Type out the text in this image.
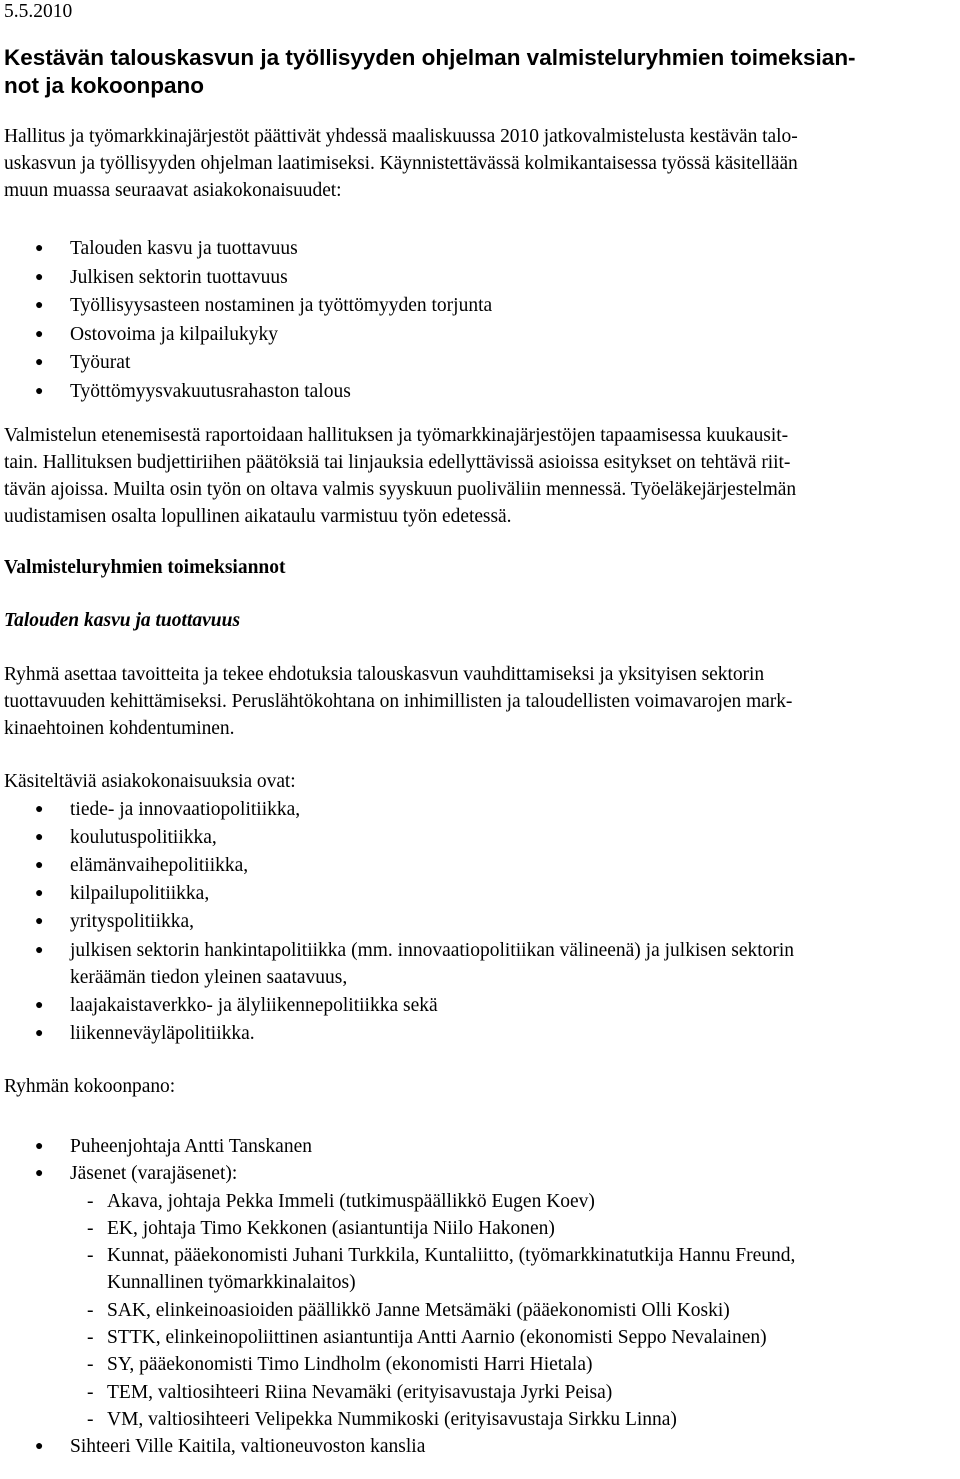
5.5.2010

Kestävän talouskasvun ja työllisyyden ohjelman valmisteluryhmien toimeksian-
not ja kokoonpano

Hallitus ja työmarkkinajärjestöt päättivät yhdessä maaliskuussa 2010 jatkovalmistelusta kestävän talo-
uskasvun ja työllisyyden ohjelman laatimiseksi. Käynnistettävässä kolmikantaisessa työssä käsitellään
muun muassa seuraavat asiakokonaisuudet:

● Talouden kasvu ja tuottavuus
● Julkisen sektorin tuottavuus
● Työllisyysasteen nostaminen ja työttömyyden torjunta
● Ostovoima ja kilpailukyky
● Työurat
● Työttömyysvakuutusrahaston talous

Valmistelun etenemisestä raportoidaan hallituksen ja työmarkkinajärjestöjen tapaamisessa kuukausit-
tain. Hallituksen budjettiriihen päätöksiä tai linjauksia edellyttävissä asioissa esitykset on tehtävä riit-
tävän ajoissa. Muilta osin työn on oltava valmis syyskuun puoliväliin mennessä. Työeläkejärjestelmän
uudistamisen osalta lopullinen aikataulu varmistuu työn edetessä.

Valmisteluryhmien toimeksiannot
Talouden kasvu ja tuottavuus

Ryhmä asettaa tavoitteita ja tekee ehdotuksia talouskasvun vauhdittamiseksi ja yksityisen sektorin
tuottavuuden kehittämiseksi. Peruslähtökohtana on inhimillisten ja taloudellisten voimavarojen mark-
kinaehtoinen kohdentuminen.

Käsiteltäviä asiakokonaisuuksia ovat:

● tiede- ja innovaatiopolitiikka,
● koulutuspolitiikka,
● elämänvaihepolitiikka,
● kilpailupolitiikka,
● yrityspolitiikka,
● julkisen sektorin hankintapolitiikka (mm. innovaatiopolitiikan välineenä) ja julkisen sektorin
keräämän tiedon yleinen saatavuus,
● laajakaistaverkko- ja älyliikennepolitiikka sekä
● liikenneväyläpolitiikka.

Ryhmän kokoonpano:

● Puheenjohtaja Antti Tanskanen
● Jäsenet (varajäsenet):
- Akava, johtaja Pekka Immeli (tutkimuspäällikkö Eugen Koev)
- EK, johtaja Timo Kekkonen (asiantuntija Niilo Hakonen)
- Kunnat, pääekonomisti Juhani Turkkila, Kuntaliitto, (työmarkkinatutkija Hannu Freund,
Kunnallinen työmarkkinalaitos)
- SAK, elinkeinoasioiden päällikkö Janne Metsämäki (pääekonomisti Olli Koski)
- STTK, elinkeinopoliittinen asiantuntija Antti Aarnio (ekonomisti Seppo Nevalainen)
- SY, pääekonomisti Timo Lindholm (ekonomisti Harri Hietala)
- TEM, valtiosihteeri Riina Nevamäki (erityisavustaja Jyrki Peisa)
- VM, valtiosihteeri Velipekka Nummikoski (erityisavustaja Sirkku Linna)
● Sihteeri Ville Kaitila, valtioneuvoston kanslia
